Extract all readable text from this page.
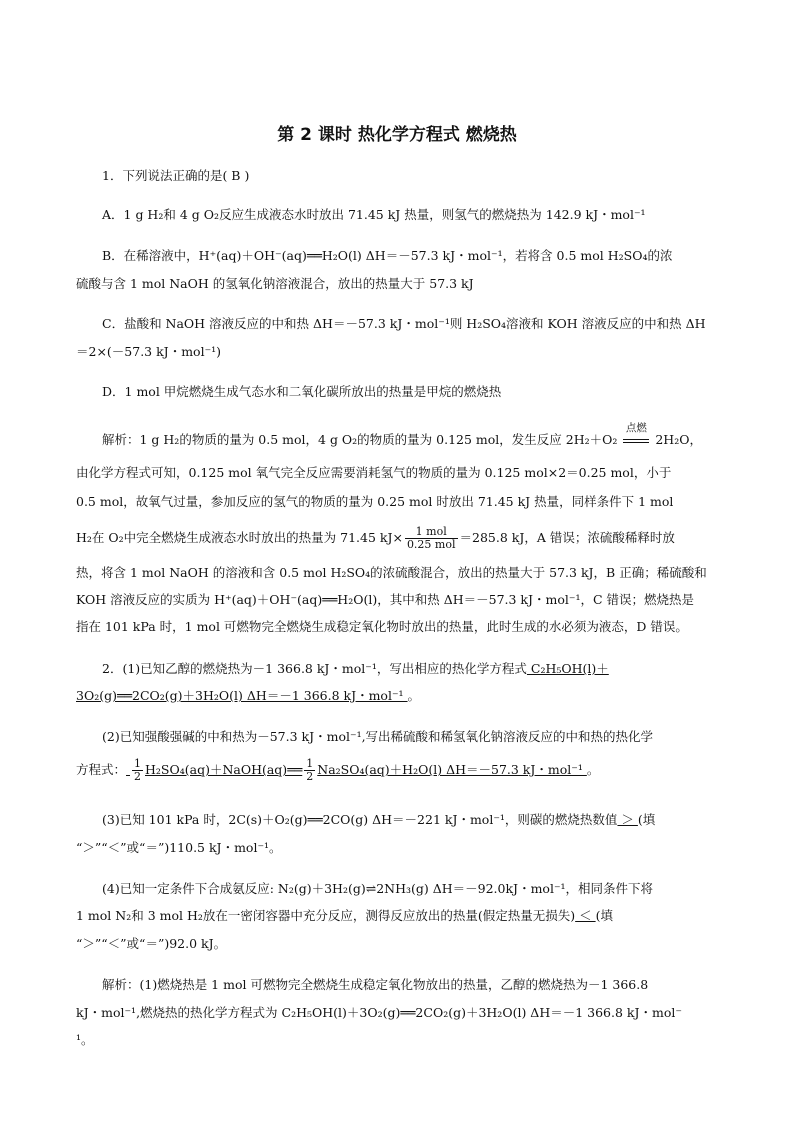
第 2 课时 热化学方程式 燃烧热
1．下列说法正确的是( B )
A．1 g H₂和 4 g O₂反应生成液态水时放出 71.45 kJ 热量，则氢气的燃烧热为 142.9 kJ・mol⁻¹
B．在稀溶液中，H⁺(aq)＋OH⁻(aq)══H₂O(l) ΔH＝－57.3 kJ・mol⁻¹，若将含 0.5 mol H₂SO₄的浓
硫酸与含 1 mol NaOH 的氢氧化钠溶液混合，放出的热量大于 57.3 kJ
C．盐酸和 NaOH 溶液反应的中和热 ΔH＝－57.3 kJ・mol⁻¹则 H₂SO₄溶液和 KOH 溶液反应的中和热 ΔH
＝2×(－57.3 kJ・mol⁻¹)
D．1 mol 甲烷燃烧生成气态水和二氧化碳所放出的热量是甲烷的燃烧热
解析：1 g H₂的物质的量为 0.5 mol，4 g O₂的物质的量为 0.125 mol，发生反应 2H₂＋O₂
点燃
2H₂O，
由化学方程式可知，0.125 mol 氧气完全反应需要消耗氢气的物质的量为 0.125 mol×2＝0.25 mol，小于
0.5 mol，故氧气过量，参加反应的氢气的物质的量为 0.25 mol 时放出 71.45 kJ 热量，同样条件下 1 mol
H₂在 O₂中完全燃烧生成液态水时放出的热量为 71.45 $kJ\times \frac{\text{1 mol}}{\text{0.25 mol}} =285.8$ kJ，A 错误；浓硫酸稀释时放
热，将含 1 mol NaOH 的溶液和含 0.5 mol H₂SO₄的浓硫酸混合，放出的热量大于 57.3 kJ，B 正确；稀硫酸和
KOH 溶液反应的实质为 H⁺(aq)＋OH⁻(aq)══H₂O(l)，其中和热 ΔH＝－57.3 kJ・mol⁻¹，C 错误；燃烧热是
指在 101 kPa 时，1 mol 可燃物完全燃烧生成稳定氧化物时放出的热量，此时生成的水必须为液态，D 错误。
2．(1)已知乙醇的燃烧热为－1 366.8 kJ・mol⁻¹，写出相应的热化学方程式 C₂H₅OH(l)＋
3O₂(g)══2CO₂(g)＋3H₂O(l) ΔH＝－1 366.8 kJ・mol⁻¹ 。
(2)已知强酸强碱的中和热为－57.3 kJ・mol⁻¹,写出稀硫酸和稀氢氧化钠溶液反应的中和热的热化学
方程式： $\frac{1}{2}$ H₂SO₄(aq)＋NaOH(aq)══ $\frac{1}{2} Na_2SO_4(aq)+H_2O(l)$ ΔH＝－57.3 kJ・mol⁻¹ 。
(3)已知 101 kPa 时，2C(s)＋O₂(g)══2CO(g) ΔH＝－221 kJ・mol⁻¹，则碳的燃烧热数值 ＞ (填
“＞”“＜”或“＝”)110.5 kJ・mol⁻¹。
(4)已知一定条件下合成氨反应: N₂(g)＋3H₂(g)⇌2NH₃(g) ΔH＝－92.0kJ・mol⁻¹，相同条件下将
1 mol N₂和 3 mol H₂放在一密闭容器中充分反应，测得反应放出的热量(假定热量无损失) ＜ (填
“＞”“＜”或“＝”)92.0 kJ。
解析：(1)燃烧热是 1 mol 可燃物完全燃烧生成稳定氧化物放出的热量，乙醇的燃烧热为－1 366.8
kJ・mol⁻¹,燃烧热的热化学方程式为 C₂H₅OH(l)＋3O₂(g)══2CO₂(g)＋3H₂O(l) ΔH＝－1 366.8 kJ・mol⁻
¹。
